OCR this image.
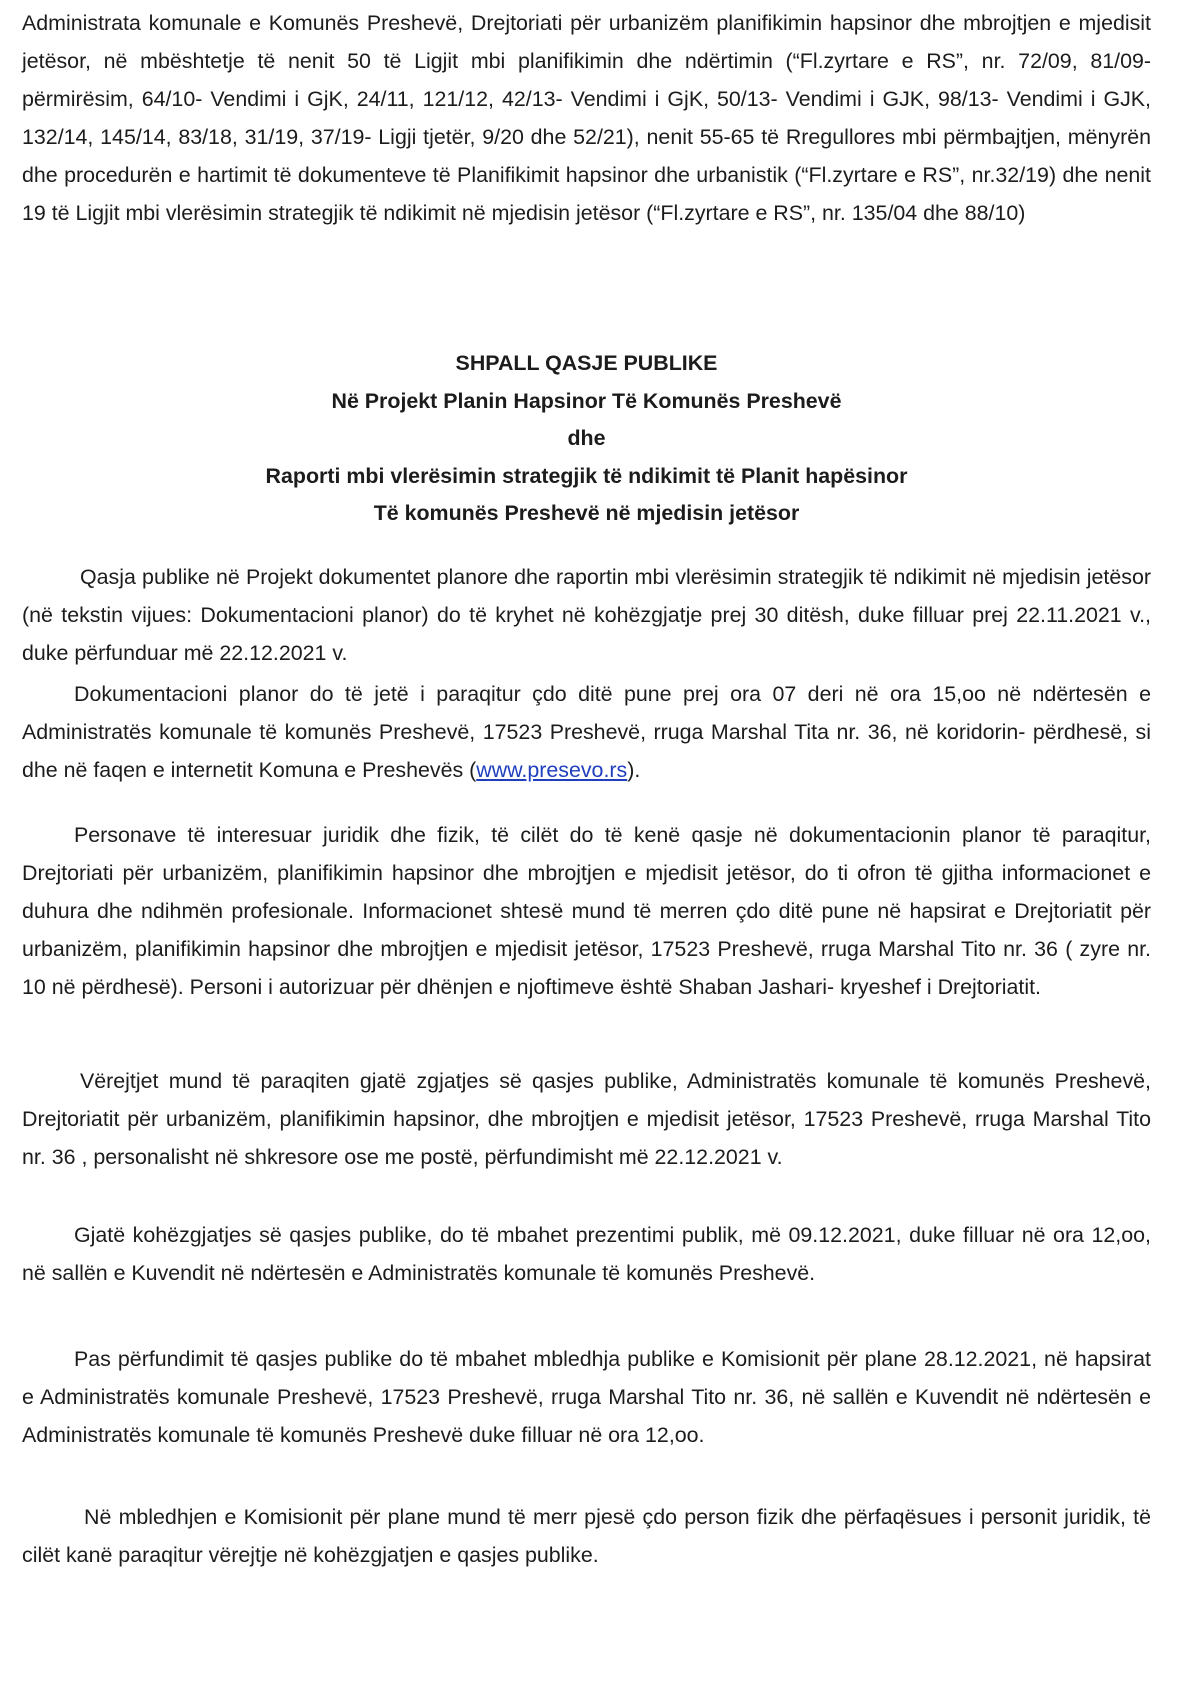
Administrata komunale e Komunës Preshevë, Drejtoriati për urbanizëm planifikimin hapsinor dhe mbrojtjen e mjedisit jetësor, në mbështetje të nenit 50 të Ligjit mbi planifikimin dhe ndërtimin (“Fl.zyrtare e RS”, nr. 72/09, 81/09- përmirësim, 64/10- Vendimi i GjK, 24/11, 121/12, 42/13- Vendimi i GjK, 50/13- Vendimi i GJK, 98/13- Vendimi i GJK, 132/14, 145/14, 83/18, 31/19, 37/19- Ligji tjetër, 9/20 dhe 52/21), nenit 55-65 të Rregullores mbi përmbajtjen, mënyrën dhe procedurën e hartimit të dokumenteve të Planifikimit hapsinor dhe urbanistik (“Fl.zyrtare e RS”, nr.32/19) dhe nenit 19 të Ligjit mbi vlerësimin strategjik të ndikimit në mjedisin jetësor (“Fl.zyrtare e RS”, nr. 135/04 dhe 88/10)

SHPALL QASJE PUBLIKE
Në Projekt Planin Hapsinor Të Komunës Preshevë
dhe
Raporti mbi vlerësimin strategjik të ndikimit të Planit hapësinor
Të komunës Preshevë në mjedisin jetësor

Qasja publike në Projekt dokumentet planore dhe raportin mbi vlerësimin strategjik të ndikimit në mjedisin jetësor (në tekstin vijues: Dokumentacioni planor) do të kryhet në kohëzgjatje prej 30 ditësh, duke filluar prej 22.11.2021 v., duke përfunduar më 22.12.2021 v.

Dokumentacioni planor do të jetë i paraqitur çdo ditë pune prej ora 07 deri në ora 15,oo në ndërtesën e Administratës komunale të komunës Preshevë, 17523 Preshevë, rruga Marshal Tita nr. 36, në koridorin- përdhesë, si dhe në faqen e internetit Komuna e Preshevës (www.presevo.rs).

Personave të interesuar juridik dhe fizik, të cilët do të kenë qasje në dokumentacionin planor të paraqitur, Drejtoriati për urbanizëm, planifikimin hapsinor dhe mbrojtjen e mjedisit jetësor, do ti ofron të gjitha informacionet e duhura dhe ndihmën profesionale. Informacionet shtesë mund të merren çdo ditë pune në hapsirat e Drejtoriatit për urbanizëm, planifikimin hapsinor dhe mbrojtjen e mjedisit jetësor, 17523 Preshevë, rruga Marshal Tito nr. 36 ( zyre nr. 10 në përdhesë). Personi i autorizuar për dhënjen e njoftimeve është Shaban Jashari- kryeshef i Drejtoriatit.

Vërejtjet mund të paraqiten gjatë zgjatjes së qasjes publike, Administratës komunale të komunës Preshevë, Drejtoriatit për urbanizëm, planifikimin hapsinor, dhe mbrojtjen e mjedisit jetësor, 17523 Preshevë, rruga Marshal Tito nr. 36 , personalisht në shkresore ose me postë, përfundimisht më 22.12.2021 v.

Gjatë kohëzgjatjes së qasjes publike, do të mbahet prezentimi publik, më 09.12.2021, duke filluar në ora 12,oo, në sallën e Kuvendit në ndërtesën e Administratës komunale të komunës Preshevë.

Pas përfundimit të qasjes publike do të mbahet mbledhja publike e Komisionit për plane 28.12.2021, në hapsirat e Administratës komunale Preshevë, 17523 Preshevë, rruga Marshal Tito nr. 36, në sallën e Kuvendit në ndërtesën e Administratës komunale të komunës Preshevë duke filluar në ora 12,oo.

Në mbledhjen e Komisionit për plane mund të merr pjesë çdo person fizik dhe përfaqësues i personit juridik, të cilët kanë paraqitur vërejtje në kohëzgjatjen e qasjes publike.
